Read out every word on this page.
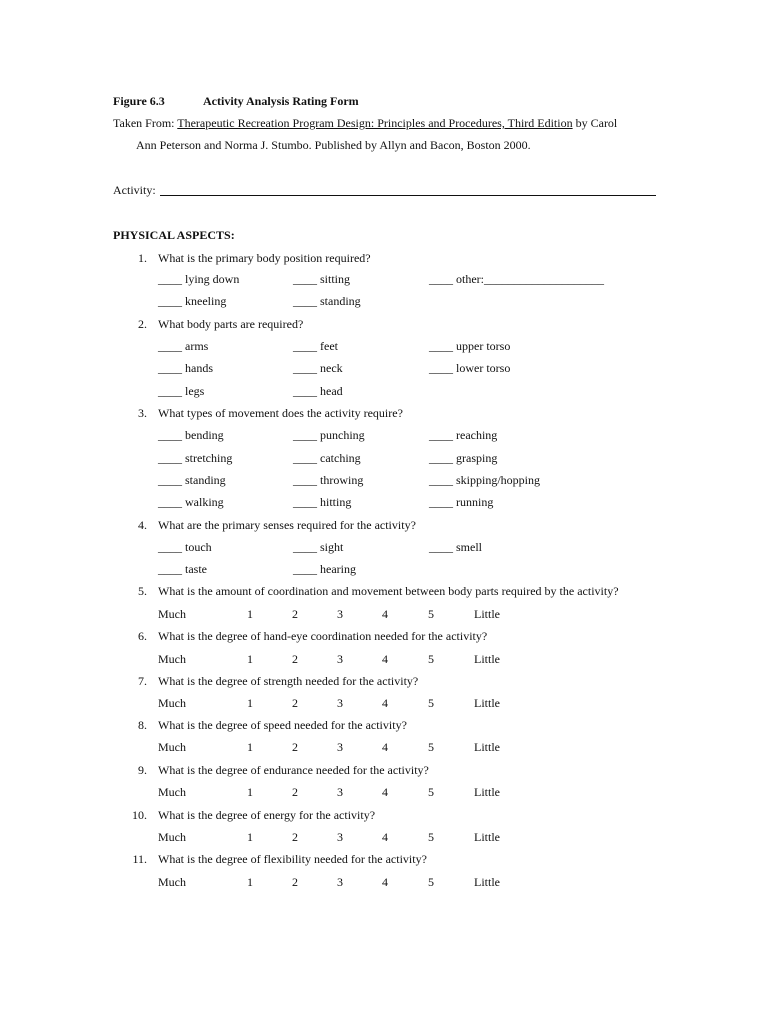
Figure 6.3	Activity Analysis Rating Form
Taken From: Therapeutic Recreation Program Design: Principles and Procedures, Third Edition by Carol
Ann Peterson and Norma J. Stumbo. Published by Allyn and Bacon, Boston 2000.
Activity:
PHYSICAL ASPECTS:
1. What is the primary body position required?
____ lying down	____ sitting	____ other:____________________
____ kneeling	____ standing
2. What body parts are required?
____ arms	____ feet	____ upper torso
____ hands	____ neck	____ lower torso
____ legs	____ head
3. What types of movement does the activity require?
____ bending	____ punching	____ reaching
____ stretching	____ catching	____ grasping
____ standing	____ throwing	____ skipping/hopping
____ walking	____ hitting	____ running
4. What are the primary senses required for the activity?
____ touch	____ sight	____ smell
____ taste	____ hearing
5. What is the amount of coordination and movement between body parts required by the activity?
Much	1	2	3	4	5	Little
6. What is the degree of hand-eye coordination needed for the activity?
Much	1	2	3	4	5	Little
7. What is the degree of strength needed for the activity?
Much	1	2	3	4	5	Little
8. What is the degree of speed needed for the activity?
Much	1	2	3	4	5	Little
9. What is the degree of endurance needed for the activity?
Much	1	2	3	4	5	Little
10. What is the degree of energy for the activity?
Much	1	2	3	4	5	Little
11. What is the degree of flexibility needed for the activity?
Much	1	2	3	4	5	Little
